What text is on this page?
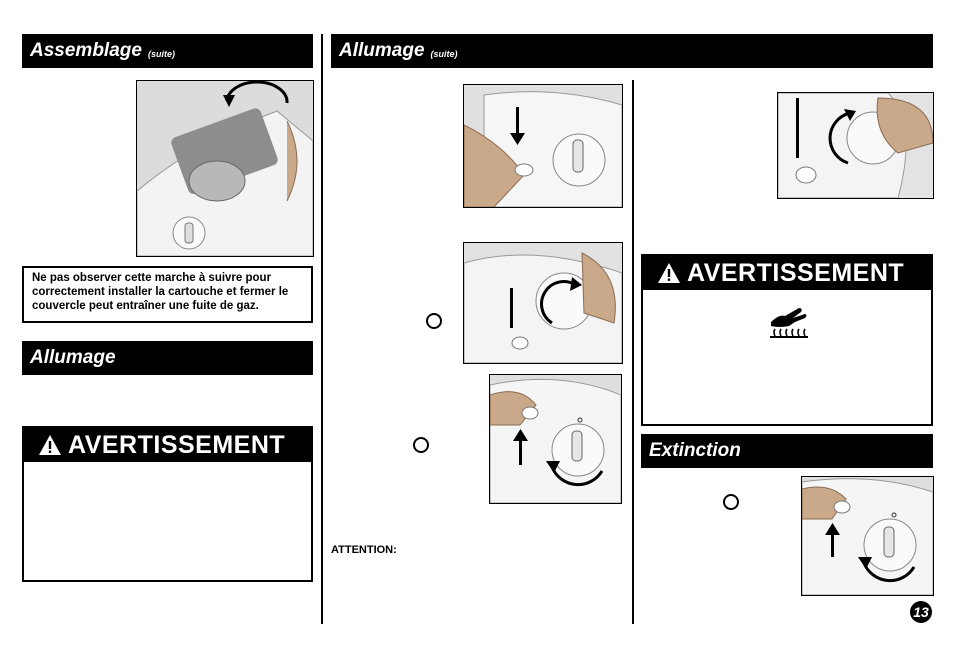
Assemblage (suite)
Ne pas observer cette marche à suivre pour correctement installer la cartouche et fermer le couvercle peut entraîner une fuite de gaz.
Allumage
AVERTISSEMENT
Allumage (suite)
ATTENTION:
AVERTISSEMENT
Extinction
13
